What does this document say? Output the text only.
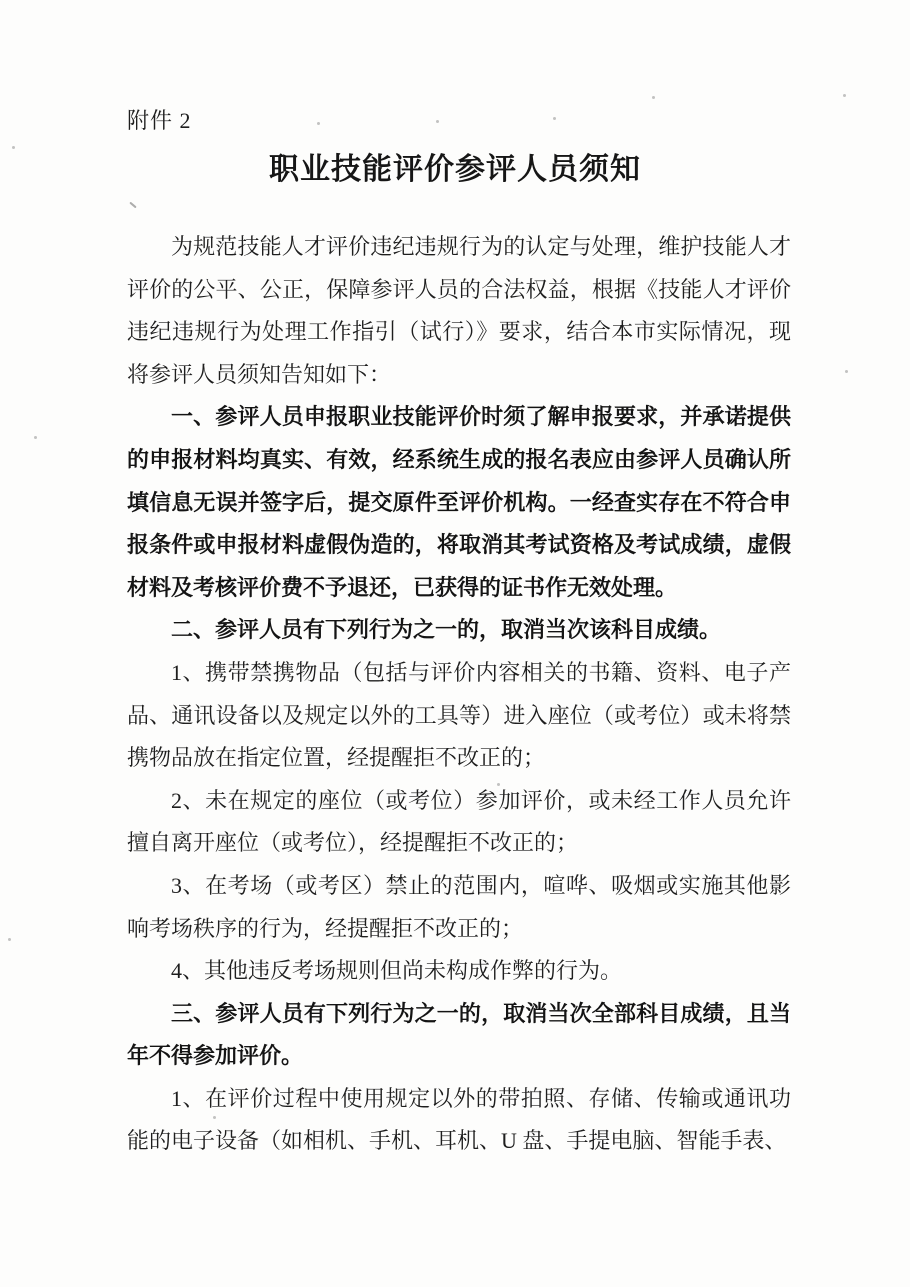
附件 2
职业技能评价参评人员须知

为规范技能人才评价违纪违规行为的认定与处理，维护技能人才评价的公平、公正，保障参评人员的合法权益，根据《技能人才评价违纪违规行为处理工作指引（试行）》要求，结合本市实际情况，现将参评人员须知告知如下：

一、参评人员申报职业技能评价时须了解申报要求，并承诺提供的申报材料均真实、有效，经系统生成的报名表应由参评人员确认所填信息无误并签字后，提交原件至评价机构。一经查实存在不符合申报条件或申报材料虚假伪造的，将取消其考试资格及考试成绩，虚假材料及考核评价费不予退还，已获得的证书作无效处理。

二、参评人员有下列行为之一的，取消当次该科目成绩。

1、携带禁携物品（包括与评价内容相关的书籍、资料、电子产品、通讯设备以及规定以外的工具等）进入座位（或考位）或未将禁携物品放在指定位置，经提醒拒不改正的；

2、未在规定的座位（或考位）参加评价，或未经工作人员允许擅自离开座位（或考位），经提醒拒不改正的；

3、在考场（或考区）禁止的范围内，喧哗、吸烟或实施其他影响考场秩序的行为，经提醒拒不改正的；

4、其他违反考场规则但尚未构成作弊的行为。

三、参评人员有下列行为之一的，取消当次全部科目成绩，且当年不得参加评价。

1、在评价过程中使用规定以外的带拍照、存储、传输或通讯功能的电子设备（如相机、手机、耳机、U 盘、手提电脑、智能手表、
